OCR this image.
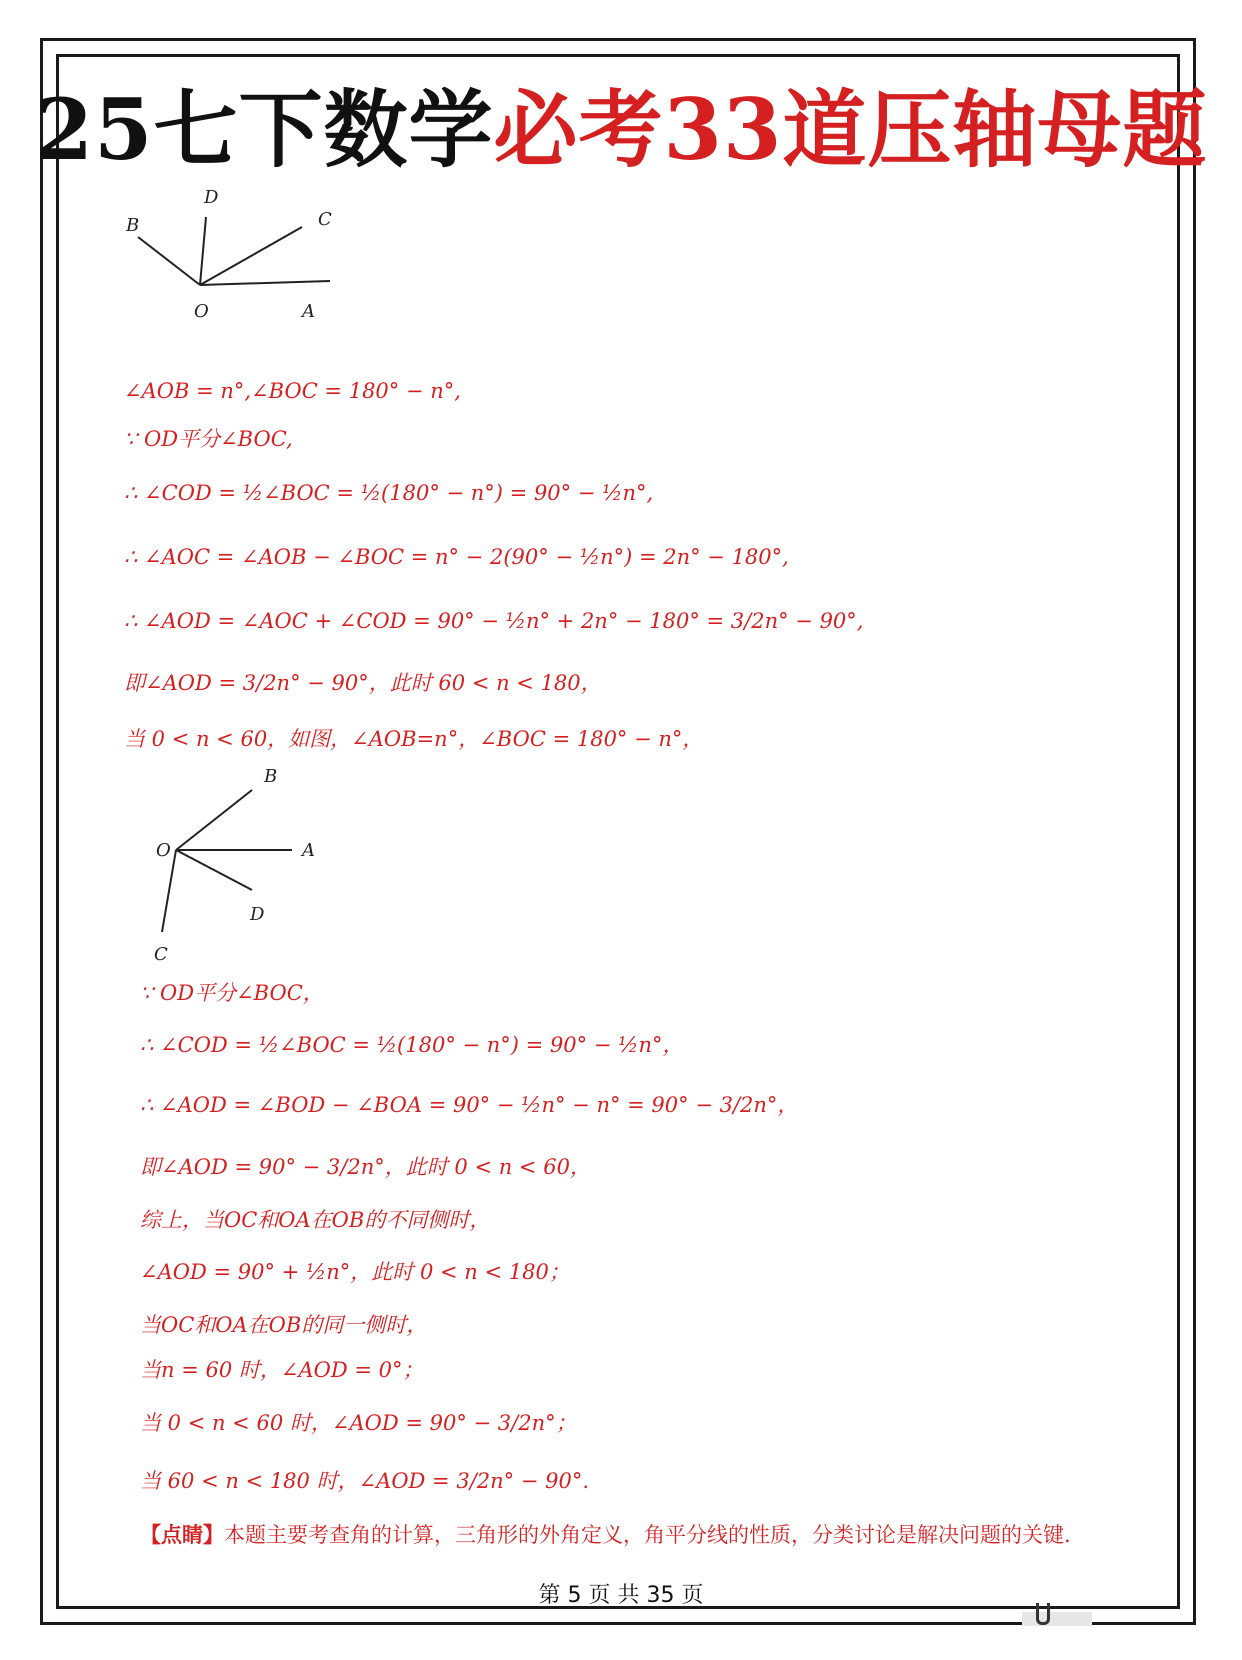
25七下数学必考33道压轴母题
D
B	C
O	A
B
O	A
D
C
∠AOB = n°,∠BOC = 180° − n°,
∵ OD平分∠BOC,
∴ ∠COD = ½∠BOC = ½(180° − n°) = 90° − ½n°,
∴ ∠AOC = ∠AOB − ∠BOC = n° − 2(90° − ½n°) = 2n° − 180°,
∴ ∠AOD = ∠AOC + ∠COD = 90° − ½n° + 2n° − 180° = 3/2n° − 90°,
即∠AOD = 3/2n° − 90°，此时 60 < n < 180，
当 0 < n < 60，如图，∠AOB=n°，∠BOC = 180° − n°，
∵ OD平分∠BOC，
∴ ∠COD = ½∠BOC = ½(180° − n°) = 90° − ½n°，
∴ ∠AOD = ∠BOD − ∠BOA = 90° − ½n° − n° = 90° − 3/2n°，
即∠AOD = 90° − 3/2n°，此时 0 < n < 60，
综上，当OC和OA在OB的不同侧时，
∠AOD = 90° + ½n°，此时 0 < n < 180；
当OC和OA在OB的同一侧时，
当n = 60 时，∠AOD = 0°；
当 0 < n < 60 时，∠AOD = 90° − 3/2n°；
当 60 < n < 180 时，∠AOD = 3/2n° − 90°.
【点睛】本题主要考查角的计算，三角形的外角定义，角平分线的性质，分类讨论是解决问题的关键.
第 5 页 共 35 页
